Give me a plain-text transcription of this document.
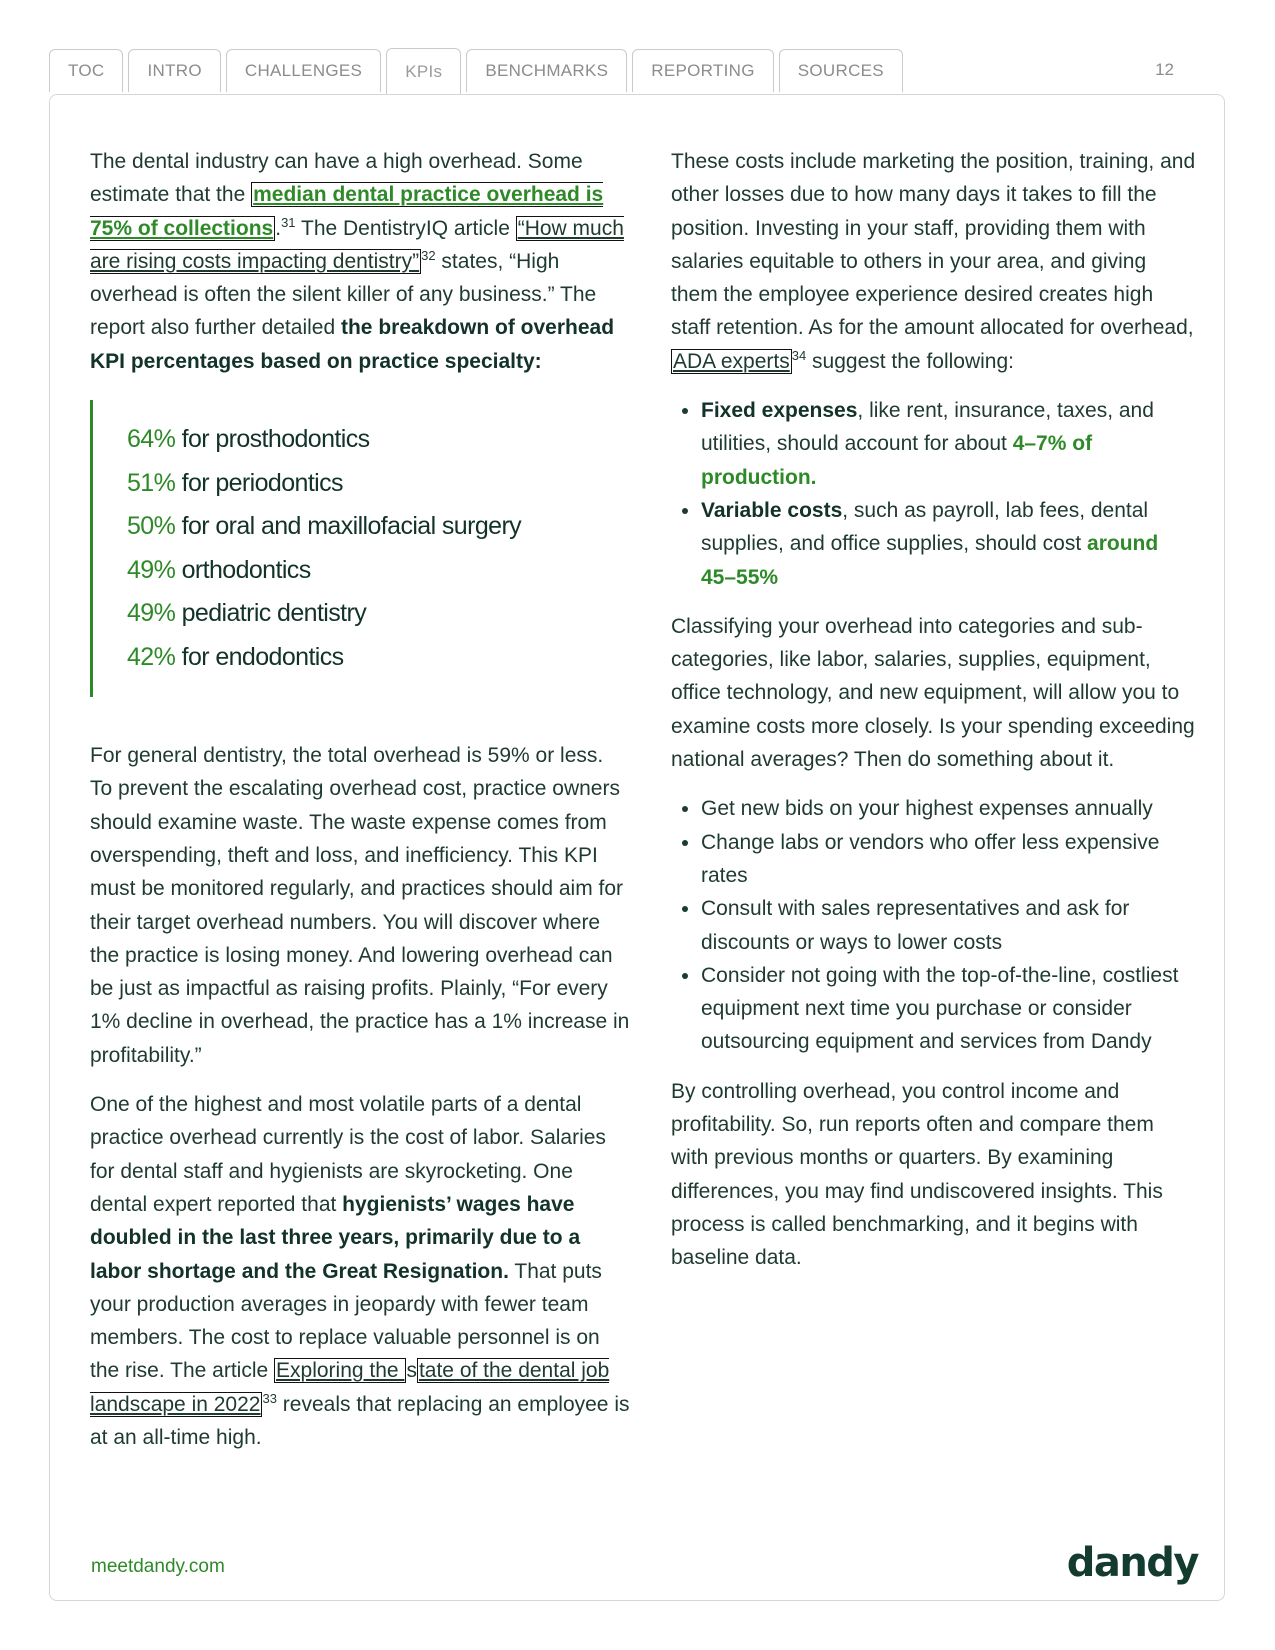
TOC	INTRO	CHALLENGES	KPIs	BENCHMARKS	REPORTING	SOURCES	12

The dental industry can have a high overhead. Some estimate that the median dental practice overhead is 75% of collections.$^{31}$ The DentistryIQ article “How much are rising costs impacting dentistry” $^{32}$ states, “High overhead is often the silent killer of any business.” The report also further detailed the breakdown of overhead KPI percentages based on practice specialty:

64% for prosthodontics
51% for periodontics
50% for oral and maxillofacial surgery
49% orthodontics
49% pediatric dentistry
42% for endodontics

For general dentistry, the total overhead is 59% or less. To prevent the escalating overhead cost, practice owners should examine waste. The waste expense comes from overspending, theft and loss, and inefficiency. This KPI must be monitored regularly, and practices should aim for their target overhead numbers. You will discover where the practice is losing money. And lowering overhead can be just as impactful as raising profits. Plainly, “For every 1% decline in overhead, the practice has a 1% increase in profitability.”

One of the highest and most volatile parts of a dental practice overhead currently is the cost of labor. Salaries for dental staff and hygienists are skyrocketing. One dental expert reported that hygienists’ wages have doubled in the last three years, primarily due to a labor shortage and the Great Resignation. That puts your production averages in jeopardy with fewer team members. The cost to replace valuable personnel is on the rise. The article Exploring the state of the dental job landscape in 2022 $^{33}$ reveals that replacing an employee is at an all-time high.

These costs include marketing the position, training, and other losses due to how many days it takes to fill the position. Investing in your staff, providing them with salaries equitable to others in your area, and giving them the employee experience desired creates high staff retention. As for the amount allocated for overhead, ADA experts $^{34}$ suggest the following:

• Fixed expenses, like rent, insurance, taxes, and utilities, should account for about 4–7% of production.
• Variable costs, such as payroll, lab fees, dental supplies, and office supplies, should cost around 45–55%

Classifying your overhead into categories and sub-categories, like labor, salaries, supplies, equipment, office technology, and new equipment, will allow you to examine costs more closely. Is your spending exceeding national averages? Then do something about it.

• Get new bids on your highest expenses annually
• Change labs or vendors who offer less expensive rates
• Consult with sales representatives and ask for discounts or ways to lower costs
• Consider not going with the top-of-the-line, costliest equipment next time you purchase or consider outsourcing equipment and services from Dandy

By controlling overhead, you control income and profitability. So, run reports often and compare them with previous months or quarters. By examining differences, you may find undiscovered insights. This process is called benchmarking, and it begins with baseline data.

meetdandy.com	dandy
